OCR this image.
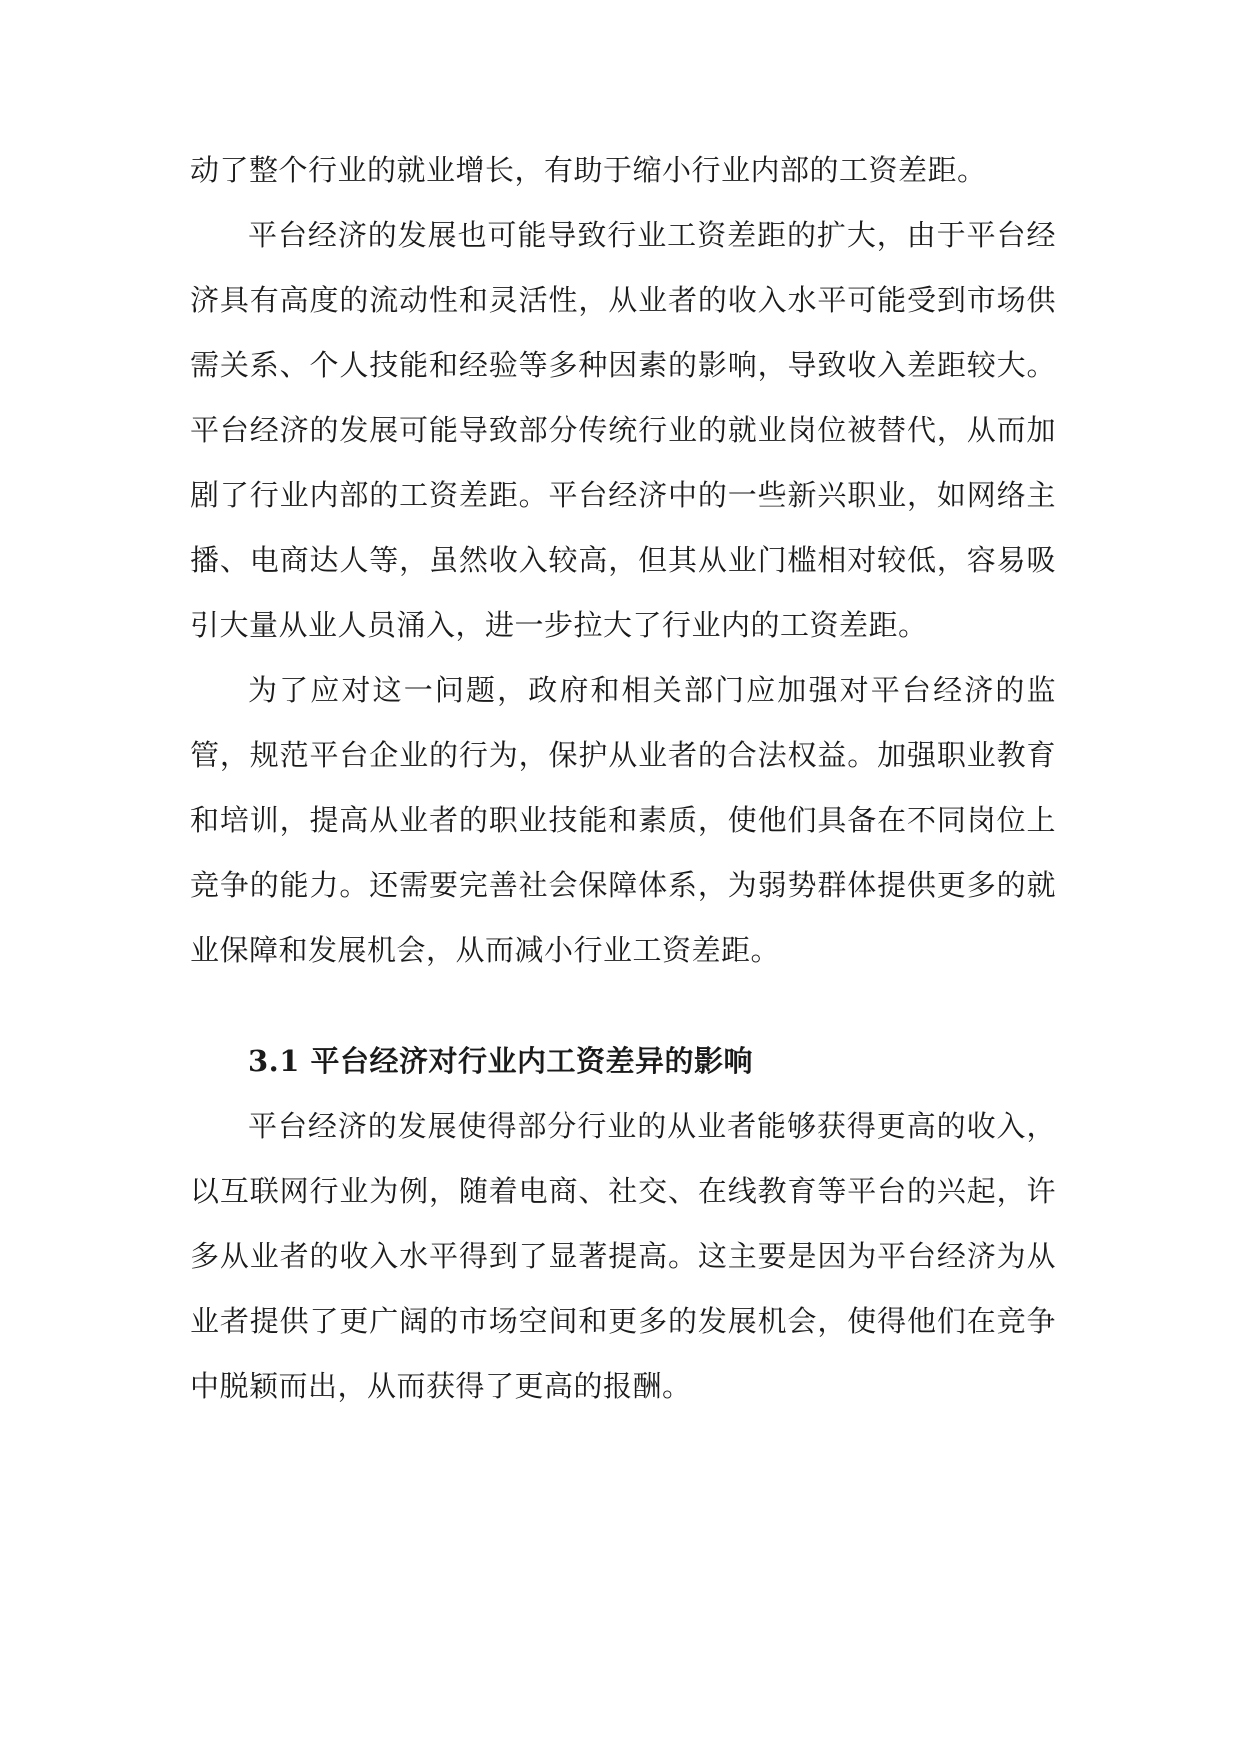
动了整个行业的就业增长，有助于缩小行业内部的工资差距。

平台经济的发展也可能导致行业工资差距的扩大，由于平台经济具有高度的流动性和灵活性，从业者的收入水平可能受到市场供需关系、个人技能和经验等多种因素的影响，导致收入差距较大。平台经济的发展可能导致部分传统行业的就业岗位被替代，从而加剧了行业内部的工资差距。平台经济中的一些新兴职业，如网络主播、电商达人等，虽然收入较高，但其从业门槛相对较低，容易吸引大量从业人员涌入，进一步拉大了行业内的工资差距。

为了应对这一问题，政府和相关部门应加强对平台经济的监管，规范平台企业的行为，保护从业者的合法权益。加强职业教育和培训，提高从业者的职业技能和素质，使他们具备在不同岗位上竞争的能力。还需要完善社会保障体系，为弱势群体提供更多的就业保障和发展机会，从而减小行业工资差距。

3.1 平台经济对行业内工资差异的影响

平台经济的发展使得部分行业的从业者能够获得更高的收入，以互联网行业为例，随着电商、社交、在线教育等平台的兴起，许多从业者的收入水平得到了显著提高。这主要是因为平台经济为从业者提供了更广阔的市场空间和更多的发展机会，使得他们在竞争中脱颖而出，从而获得了更高的报酬。
